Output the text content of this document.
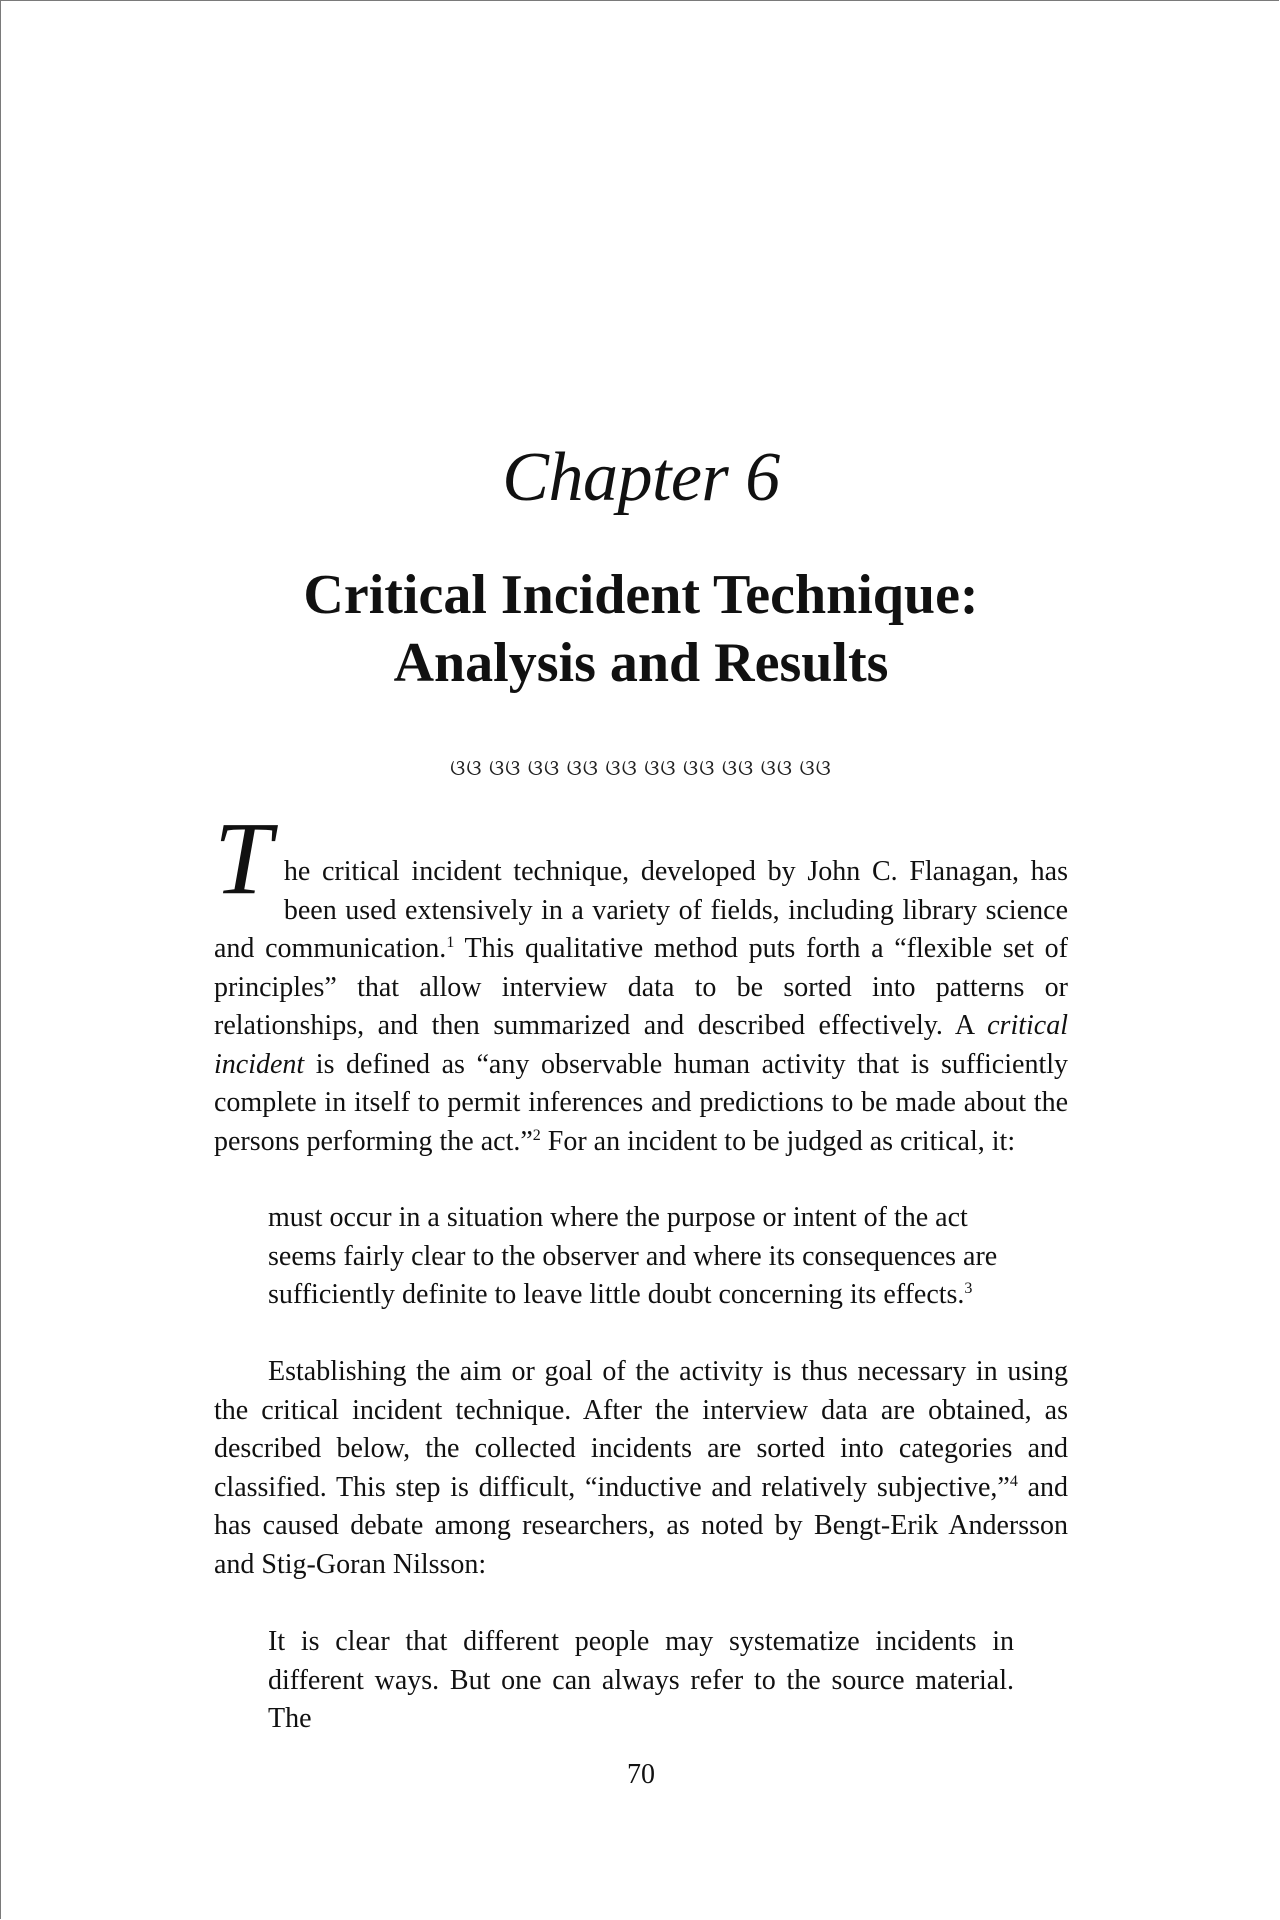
Chapter 6
Critical Incident Technique:
Analysis and Results
ଓଓ ଓଓ ଓଓ ଓଓ ଓଓ ଓଓ ଓଓ ଓଓ ଓଓ ଓଓ
T he critical incident technique, developed by John C. Flanagan, has been used extensively in a variety of fields, including library science and communication.$^1$ This qualitative method puts forth a “flexible set of principles” that allow interview data to be sorted into patterns or relationships, and then summarized and described effectively. A critical incident is defined as “any observable human activity that is sufficiently complete in itself to permit inferences and predictions to be made about the persons performing the act.”$^2$ For an incident to be judged as critical, it:
must occur in a situation where the purpose or intent of the act seems fairly clear to the observer and where its consequences are sufficiently definite to leave little doubt concerning its effects.$^3$
Establishing the aim or goal of the activity is thus necessary in using the critical incident technique. After the interview data are obtained, as described below, the collected incidents are sorted into categories and classified. This step is difficult, “inductive and relatively subjective,”$^4$ and has caused debate among researchers, as noted by Bengt-Erik Andersson and Stig-Goran Nilsson:
It is clear that different people may systematize incidents in different ways. But one can always refer to the source material. The
70
